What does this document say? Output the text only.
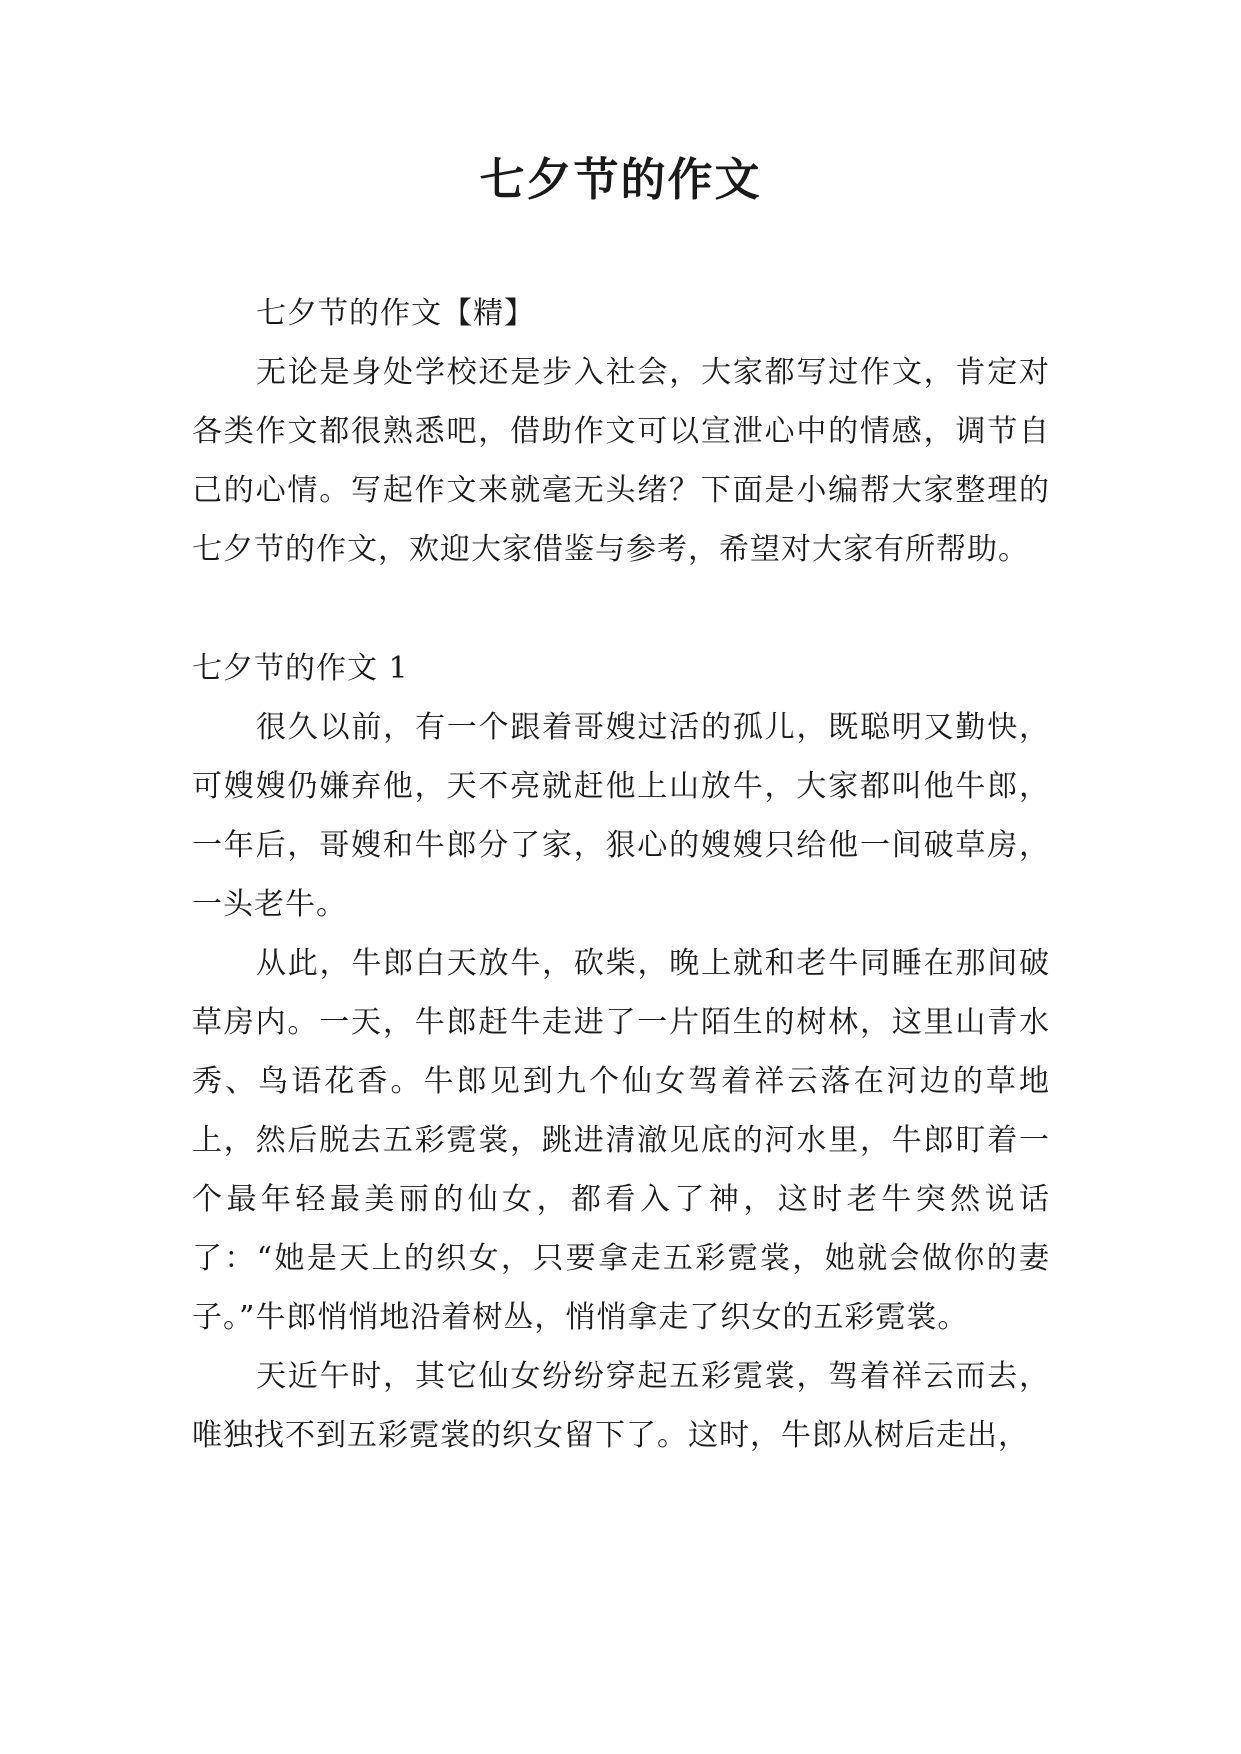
七夕节的作文

七夕节的作文【精】

无论是身处学校还是步入社会，大家都写过作文，肯定对各类作文都很熟悉吧，借助作文可以宣泄心中的情感，调节自己的心情。写起作文来就毫无头绪？下面是小编帮大家整理的七夕节的作文，欢迎大家借鉴与参考，希望对大家有所帮助。

七夕节的作文 1

很久以前，有一个跟着哥嫂过活的孤儿，既聪明又勤快，可嫂嫂仍嫌弃他，天不亮就赶他上山放牛，大家都叫他牛郎，一年后，哥嫂和牛郎分了家，狠心的嫂嫂只给他一间破草房，一头老牛。

从此，牛郎白天放牛，砍柴，晚上就和老牛同睡在那间破草房内。一天，牛郎赶牛走进了一片陌生的树林，这里山青水秀、鸟语花香。牛郎见到九个仙女驾着祥云落在河边的草地上，然后脱去五彩霓裳，跳进清澈见底的河水里，牛郎盯着一个最年轻最美丽的仙女，都看入了神，这时老牛突然说话了：“她是天上的织女，只要拿走五彩霓裳，她就会做你的妻子。”牛郎悄悄地沿着树丛，悄悄拿走了织女的五彩霓裳。

天近午时，其它仙女纷纷穿起五彩霓裳，驾着祥云而去，唯独找不到五彩霓裳的织女留下了。这时，牛郎从树后走出，
